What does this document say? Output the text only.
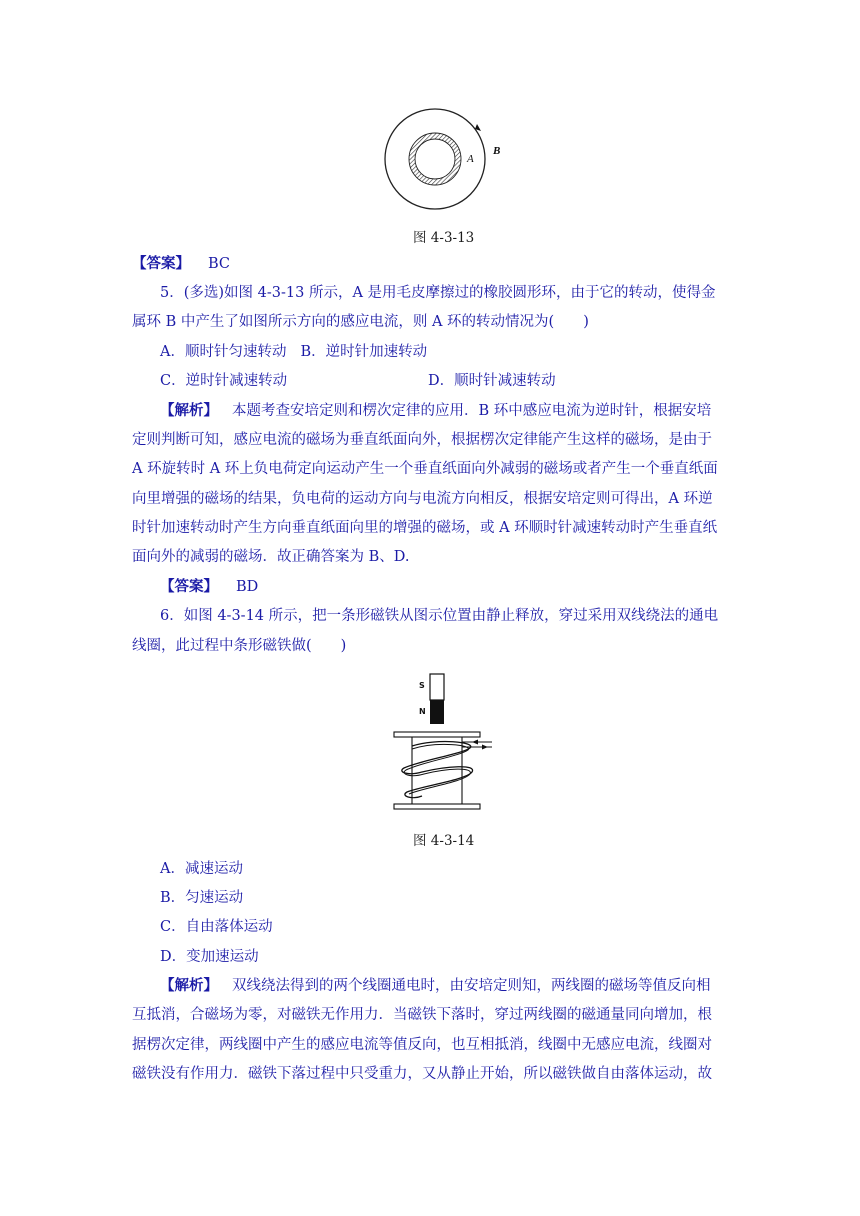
A
B
图 4-3-13
【答案】 BC
5．(多选)如图 4-3-13 所示，A 是用毛皮摩擦过的橡胶圆形环，由于它的转动，使得金
属环 B 中产生了如图所示方向的感应电流，则 A 环的转动情况为(　　)
A．顺时针匀速转动 B．逆时针加速转动
C．逆时针减速转动	D．顺时针减速转动
【解析】 本题考查安培定则和楞次定律的应用．B 环中感应电流为逆时针，根据安培
定则判断可知，感应电流的磁场为垂直纸面向外，根据楞次定律能产生这样的磁场，是由于
A 环旋转时 A 环上负电荷定向运动产生一个垂直纸面向外减弱的磁场或者产生一个垂直纸面
向里增强的磁场的结果，负电荷的运动方向与电流方向相反，根据安培定则可得出，A 环逆
时针加速转动时产生方向垂直纸面向里的增强的磁场，或 A 环顺时针减速转动时产生垂直纸
面向外的减弱的磁场．故正确答案为 B、D.
【答案】 BD
6．如图 4-3-14 所示，把一条形磁铁从图示位置由静止释放，穿过采用双线绕法的通电
线圈，此过程中条形磁铁做(　　)
S
N
图 4-3-14
A．减速运动
B．匀速运动
C．自由落体运动
D．变加速运动
【解析】 双线绕法得到的两个线圈通电时，由安培定则知，两线圈的磁场等值反向相
互抵消，合磁场为零，对磁铁无作用力．当磁铁下落时，穿过两线圈的磁通量同向增加，根
据楞次定律，两线圈中产生的感应电流等值反向，也互相抵消，线圈中无感应电流，线圈对
磁铁没有作用力．磁铁下落过程中只受重力，又从静止开始，所以磁铁做自由落体运动，故
